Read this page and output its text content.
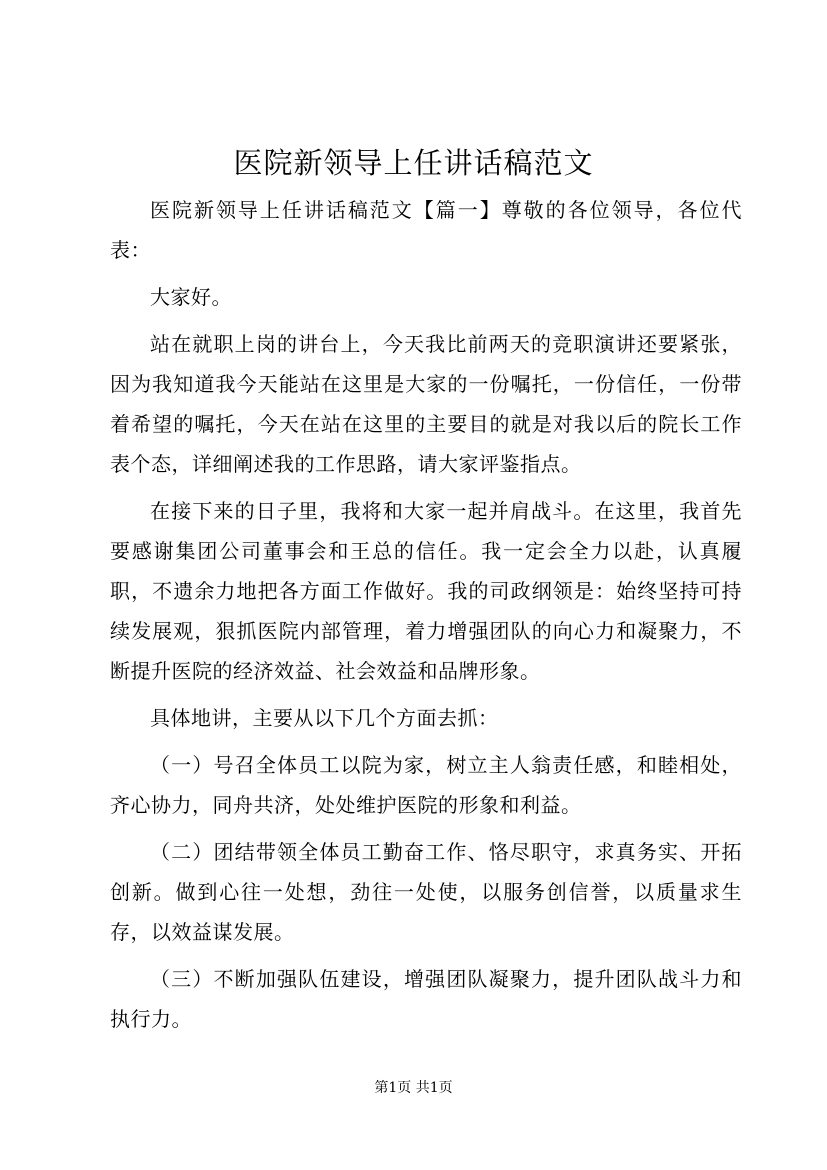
医院新领导上任讲话稿范文

医院新领导上任讲话稿范文【篇一】尊敬的各位领导，各位代表：

大家好。

站在就职上岗的讲台上，今天我比前两天的竞职演讲还要紧张，因为我知道我今天能站在这里是大家的一份嘱托，一份信任，一份带着希望的嘱托，今天在站在这里的主要目的就是对我以后的院长工作表个态，详细阐述我的工作思路，请大家评鉴指点。

在接下来的日子里，我将和大家一起并肩战斗。在这里，我首先要感谢集团公司董事会和王总的信任。我一定会全力以赴，认真履职，不遗余力地把各方面工作做好。我的司政纲领是：始终坚持可持续发展观，狠抓医院内部管理，着力增强团队的向心力和凝聚力，不断提升医院的经济效益、社会效益和品牌形象。

具体地讲，主要从以下几个方面去抓：

（一）号召全体员工以院为家，树立主人翁责任感，和睦相处，齐心协力，同舟共济，处处维护医院的形象和利益。

（二）团结带领全体员工勤奋工作、恪尽职守，求真务实、开拓创新。做到心往一处想，劲往一处使，以服务创信誉，以质量求生存，以效益谋发展。

（三）不断加强队伍建设，增强团队凝聚力，提升团队战斗力和执行力。

第1页 共1页
